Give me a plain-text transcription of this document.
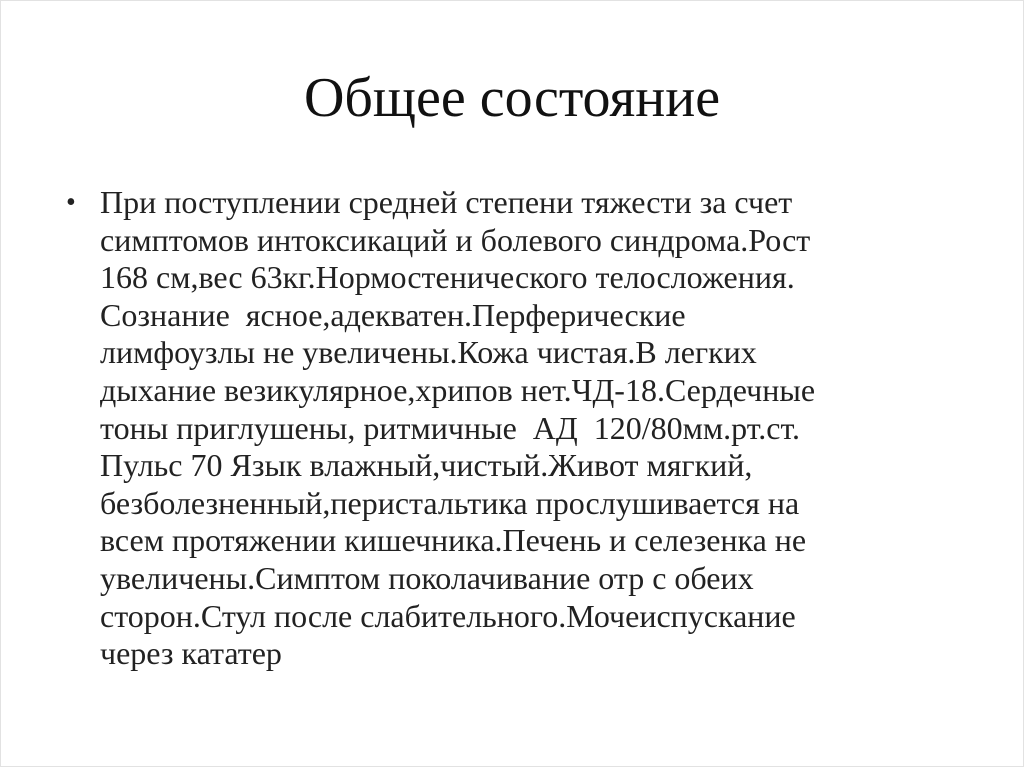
Общее состояние
• При поступлении средней степени тяжести за счет
симптомов интоксикаций и болевого синдрома.Рост
168 см,вес 63кг.Нормостенического телосложения.
Сознание  ясное,адекватен.Перферические
лимфоузлы не увеличены.Кожа чистая.В легких
дыхание везикулярное,хрипов нет.ЧД-18.Сердечные
тоны приглушены, ритмичные  АД  120/80мм.рт.ст.
Пульс 70 Язык влажный,чистый.Живот мягкий,
безболезненный,перистальтика прослушивается на
всем протяжении кишечника.Печень и селезенка не
увеличены.Симптом поколачивание отр с обеих
сторон.Стул после слабительного.Мочеиспускание
через кататер
